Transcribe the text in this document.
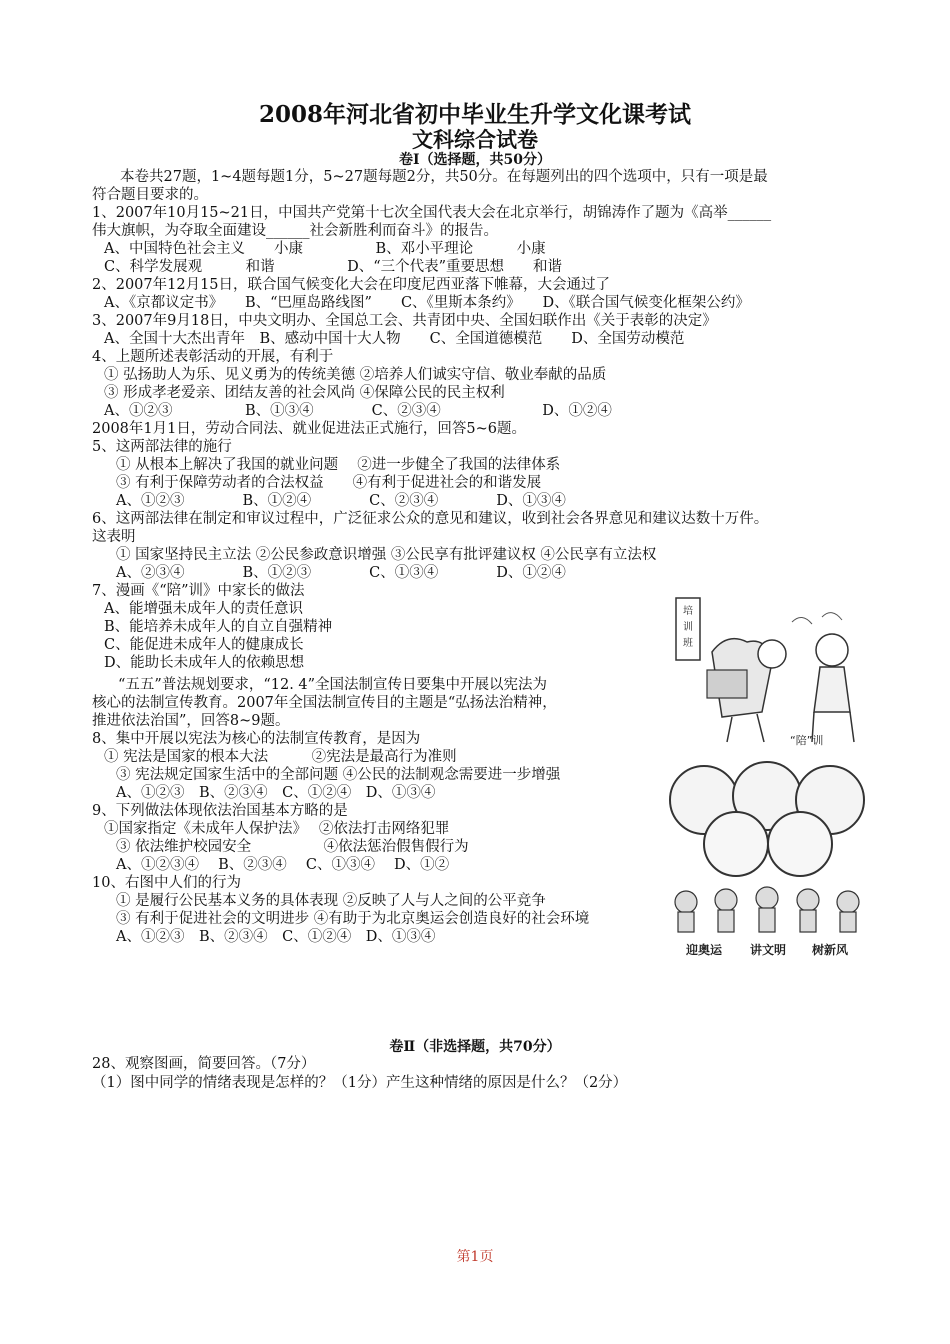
2008年河北省初中毕业生升学文化课考试
文科综合试卷
卷Ⅰ（选择题，共50分）
本卷共27题，1~4题每题1分，5~27题每题2分，共50分。在每题列出的四个选项中，只有一项是最
符合题目要求的。
1、2007年10月15~21日，中国共产党第十七次全国代表大会在北京举行，胡锦涛作了题为《高举______
伟大旗帜，为夺取全面建设______社会新胜利而奋斗》的报告。
A、中国特色社会主义　　小康　　　　　B、邓小平理论　　　小康
C、科学发展观　　　和谐　　　　　D、“三个代表”重要思想　　和谐
2、2007年12月15日，联合国气候变化大会在印度尼西亚落下帷幕，大会通过了
A、《京都议定书》　　B、“巴厘岛路线图”　　C、《里斯本条约》　　D、《联合国气候变化框架公约》
3、2007年9月18日，中央文明办、全国总工会、共青团中央、全国妇联作出《关于表彰的决定》
A、全国十大杰出青年　B、感动中国十大人物　　C、全国道德模范　　D、全国劳动模范
4、上题所述表彰活动的开展，有利于
① 弘扬助人为乐、见义勇为的传统美德 ②培养人们诚实守信、敬业奉献的品质
③ 形成孝老爱亲、团结友善的社会风尚 ④保障公民的民主权利
A、①②③　　　　　B、①③④　　　　C、②③④　　　　　　　D、①②④
2008年1月1日，劳动合同法、就业促进法正式施行，回答5~6题。
5、这两部法律的施行
① 从根本上解决了我国的就业问题　 ②进一步健全了我国的法律体系
③ 有利于保障劳动者的合法权益　　④有利于促进社会的和谐发展
A、①②③　　　　B、①②④　　　　C、②③④　　　　D、①③④
6、这两部法律在制定和审议过程中，广泛征求公众的意见和建议，收到社会各界意见和建议达数十万件。
这表明
① 国家坚持民主立法 ②公民参政意识增强 ③公民享有批评建议权 ④公民享有立法权
A、②③④　　　　B、①②③　　　　C、①③④　　　　D、①②④
7、漫画《“陪”训》中家长的做法
A、能增强未成年人的责任意识
B、能培养未成年人的自立自强精神
C、能促进未成年人的健康成长
D、能助长未成年人的依赖思想
“五五”普法规划要求，“12. 4”全国法制宣传日要集中开展以宪法为
核心的法制宣传教育。2007年全国法制宣传目的主题是“弘扬法治精神，
推进依法治国”，回答8~9题。
8、集中开展以宪法为核心的法制宣传教育，是因为
① 宪法是国家的根本大法　　　②宪法是最高行为准则
③ 宪法规定国家生活中的全部问题 ④公民的法制观念需要进一步增强
A、①②③　B、②③④　C、①②④　D、①③④
9、下列做法体现依法治国基本方略的是
①国家指定《未成年人保护法》　 ②依法打击网络犯罪
③ 依法维护校园安全　　　　　④依法惩治假售假行为
A、①②③④　 B、②③④　 C、①③④　 D、①②
10、右图中人们的行为
① 是履行公民基本义务的具体表现 ②反映了人与人之间的公平竞争
③ 有利于促进社会的文明进步 ④有助于为北京奥运会创造良好的社会环境
A、①②③　B、②③④　C、①②④　D、①③④
培
训
班
“陪”训
迎奥运 讲文明 树新风
卷Ⅱ（非选择题，共70分）
28、观察图画，简要回答。（7分）
（1）图中同学的情绪表现是怎样的？（1分）产生这种情绪的原因是什么？（2分）
第1页
